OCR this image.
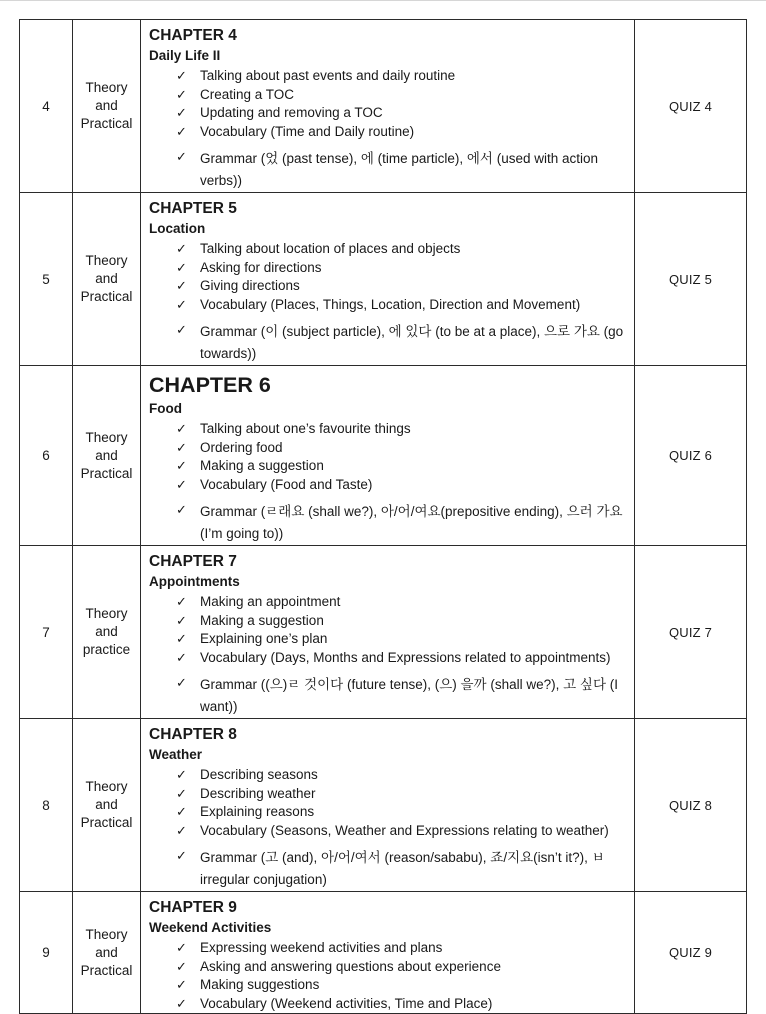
4	Theory and Practical	
CHAPTER 4
Daily Life II
✓ Talking about past events and daily routine
✓ Creating a TOC
✓ Updating and removing a TOC
✓ Vocabulary (Time and Daily routine)
✓ Grammar (었 (past tense), 에 (time particle), 에서 (used with action verbs))
	QUIZ 4
5	Theory and Practical	
CHAPTER 5
Location
✓ Talking about location of places and objects
✓ Asking for directions
✓ Giving directions
✓ Vocabulary (Places, Things, Location, Direction and Movement)
✓ Grammar (이 (subject particle), 에 있다 (to be at a place), 으로 가요 (go towards))
	QUIZ 5
6	Theory and Practical	
CHAPTER 6
Food
✓ Talking about one’s favourite things
✓ Ordering food
✓ Making a suggestion
✓ Vocabulary (Food and Taste)
✓ Grammar (ㄹ래요 (shall we?), 아/어/여요(prepositive ending), 으러 가요 (I’m going to))
	QUIZ 6
7	Theory and practice	
CHAPTER 7
Appointments
✓ Making an appointment
✓ Making a suggestion
✓ Explaining one’s plan
✓ Vocabulary (Days, Months and Expressions related to appointments)
✓ Grammar ((으)ㄹ 것이다 (future tense), (으) 을까 (shall we?), 고 싶다 (I want))
	QUIZ 7
8	Theory and Practical	
CHAPTER 8
Weather
✓ Describing seasons
✓ Describing weather
✓ Explaining reasons
✓ Vocabulary (Seasons, Weather and Expressions relating to weather)
✓ Grammar (고 (and), 아/어/여서 (reason/sababu), 죠/지요(isn’t it?), ㅂ irregular conjugation)
	QUIZ 8
9	Theory and Practical	
CHAPTER 9
Weekend Activities
✓ Expressing weekend activities and plans
✓ Asking and answering questions about experience
✓ Making suggestions
✓ Vocabulary (Weekend activities, Time and Place)
	QUIZ 9
